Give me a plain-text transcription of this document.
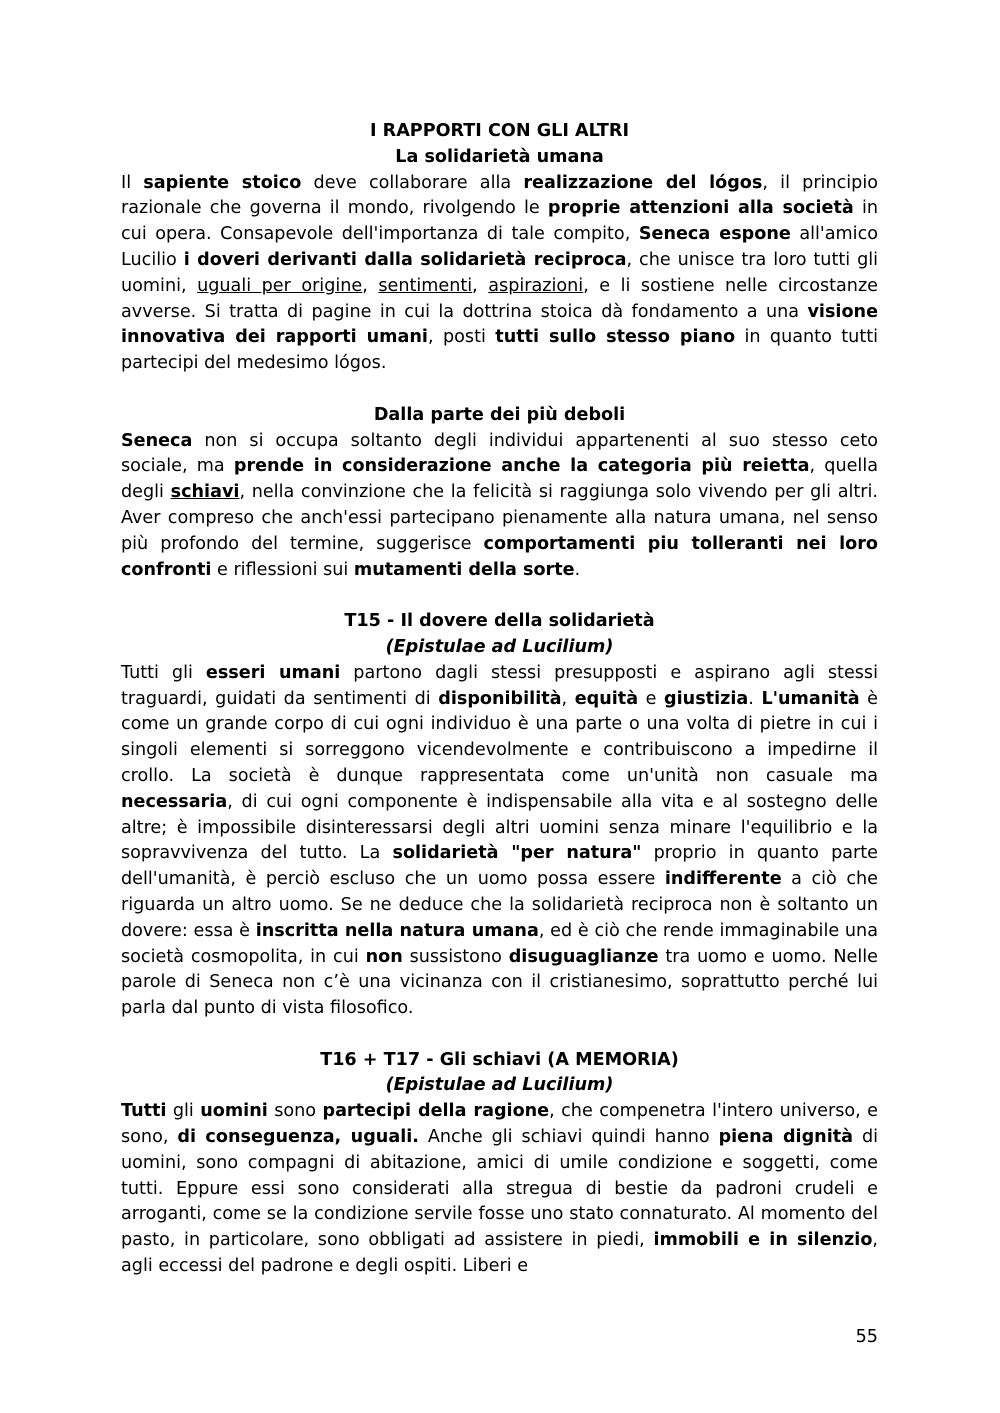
I RAPPORTI CON GLI ALTRI
La solidarietà umana

Il sapiente stoico deve collaborare alla realizzazione del lógos, il principio razionale che governa il mondo, rivolgendo le proprie attenzioni alla società in cui opera. Consapevole dell'importanza di tale compito, Seneca espone all'amico Lucilio i doveri derivanti dalla solidarietà reciproca, che unisce tra loro tutti gli uomini, uguali per origine, sentimenti, aspirazioni, e li sostiene nelle circostanze avverse. Si tratta di pagine in cui la dottrina stoica dà fondamento a una visione innovativa dei rapporti umani, posti tutti sullo stesso piano in quanto tutti partecipi del medesimo lógos.

Dalla parte dei più deboli

Seneca non si occupa soltanto degli individui appartenenti al suo stesso ceto sociale, ma prende in considerazione anche la categoria più reietta, quella degli schiavi, nella convinzione che la felicità si raggiunga solo vivendo per gli altri. Aver compreso che anch'essi partecipano pienamente alla natura umana, nel senso più profondo del termine, suggerisce comportamenti piu tolleranti nei loro confronti e riflessioni sui mutamenti della sorte.

T15 - Il dovere della solidarietà
(Epistulae ad Lucilium)

Tutti gli esseri umani partono dagli stessi presupposti e aspirano agli stessi traguardi, guidati da sentimenti di disponibilità, equità e giustizia. L'umanità è come un grande corpo di cui ogni individuo è una parte o una volta di pietre in cui i singoli elementi si sorreggono vicendevolmente e contribuiscono a impedirne il crollo. La società è dunque rappresentata come un'unità non casuale ma necessaria, di cui ogni componente è indispensabile alla vita e al sostegno delle altre; è impossibile disinteressarsi degli altri uomini senza minare l'equilibrio e la sopravvivenza del tutto. La solidarietà "per natura" proprio in quanto parte dell'umanità, è perciò escluso che un uomo possa essere indifferente a ciò che riguarda un altro uomo. Se ne deduce che la solidarietà reciproca non è soltanto un dovere: essa è inscritta nella natura umana, ed è ciò che rende immaginabile una società cosmopolita, in cui non sussistono disuguaglianze tra uomo e uomo. Nelle parole di Seneca non c’è una vicinanza con il cristianesimo, soprattutto perché lui parla dal punto di vista filosofico.

T16 + T17 - Gli schiavi (A MEMORIA)
(Epistulae ad Lucilium)

Tutti gli uomini sono partecipi della ragione, che compenetra l'intero universo, e sono, di conseguenza, uguali. Anche gli schiavi quindi hanno piena dignità di uomini, sono compagni di abitazione, amici di umile condizione e soggetti, come tutti. Eppure essi sono considerati alla stregua di bestie da padroni crudeli e arroganti, come se la condizione servile fosse uno stato connaturato. Al momento del pasto, in particolare, sono obbligati ad assistere in piedi, immobili e in silenzio, agli eccessi del padrone e degli ospiti. Liberi e

55
